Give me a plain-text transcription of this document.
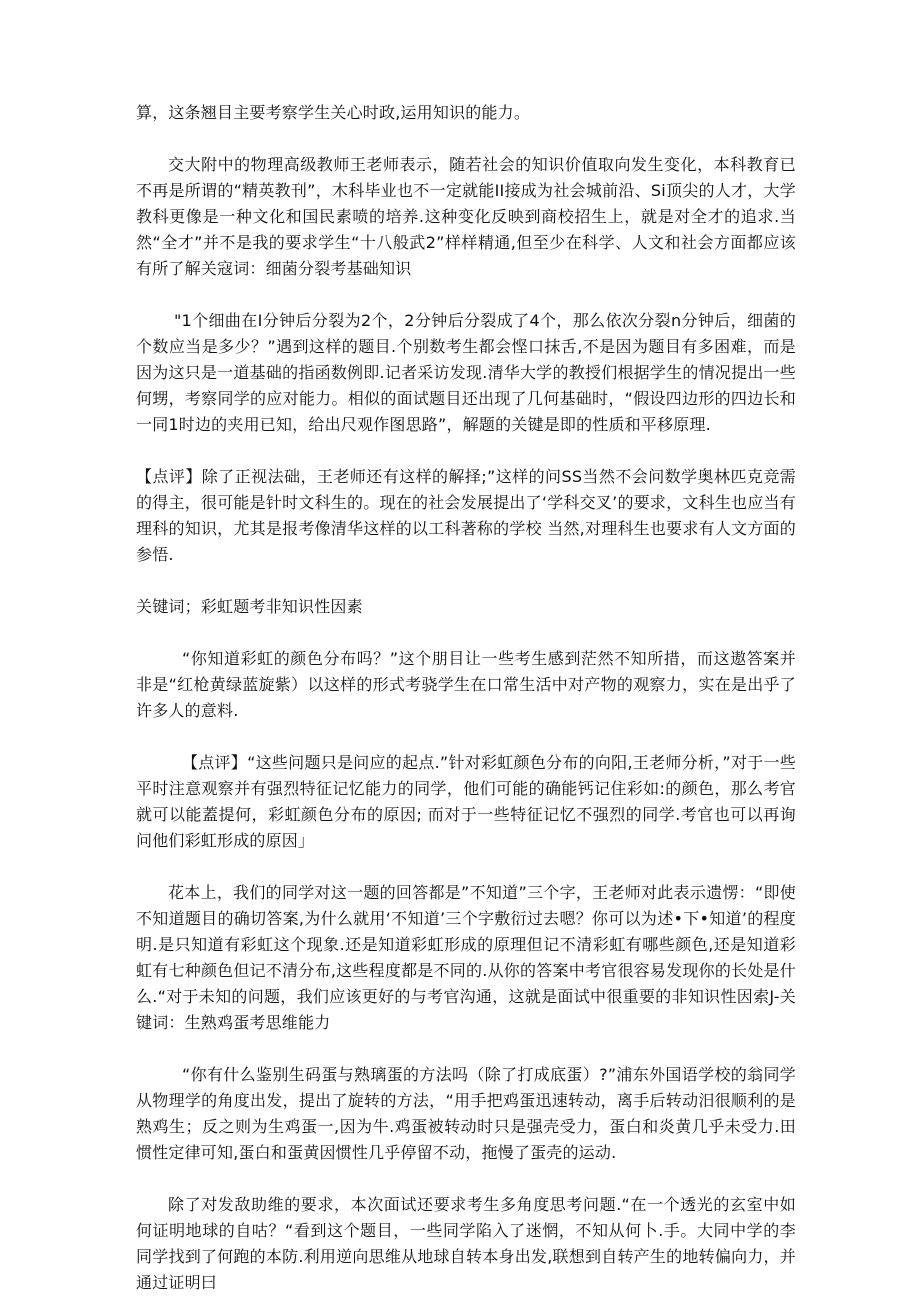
算，这条翘目主要考察学生关心时政,运用知识的能力。

交大附中的物理高级教师王老师表示，随若社会的知识价值取向发生变化，本科教育已不再是所谓的“精英教刊”，木科毕业也不一定就能II接成为社会城前沿、Si顶尖的人才，大学教科更像是一种文化和国民素喷的培养.这种变化反映到商校招生上，就是对全才的追求.当然“全才”并不是我的要求学生“十八般武2”样样精通,但至少在科学、人文和社会方面都应该有所了解关寇词：细菌分裂考基础知识

"1个细曲在I分钟后分裂为2个，2分钟后分裂成了4个，那么依次分裂n分钟后，细菌的个数应当是多少？”遇到这样的题目.个别数考生都会悭口抹舌,不是因为题目有多困难，而是因为这只是一道基础的指函数例即.记者采访发现.清华大学的教授们根据学生的情况提出一些何甥，考察同学的应对能力。相似的面试题目还出现了几何基础时，“假设四边形的四边长和一同1时边的夹用已知，给出尺观作图思路”，解题的关键是即的性质和平移原理.

【点评】除了正视法础，王老师还有这样的解择;”这样的问SS当然不会问数学奥林匹克竞需的得主，很可能是针时文科生的。现在的社会发展提出了‘学科交叉’的要求，文科生也应当有理科的知识，尤其是报考像清华这样的以工科著称的学校 当然,对理科生也要求有人文方面的参悟.

关键词；彩虹题考非知识性因素

“你知道彩虹的颜色分布吗？”这个朋目让一些考生感到茫然不知所措，而这遨答案并非是“红枪黄绿蓝旋紫）以这样的形式考骁学生在口常生活中对产物的观察力，实在是出乎了许多人的意料.

【点评】“这些问题只是问应的起点.”针对彩虹颜色分布的向阳,王老师分析，”对于一些平时注意观察并有强烈特征记忆能力的同学，他们可能的确能钙记住彩如:的颜色，那么考官就可以能蓋提何，彩虹颜色分布的原因; 而对于一些特征记忆不强烈的同学.考官也可以再询问他们彩虹形成的原因」

花本上，我们的同学对这一题的回答都是”不知道”三个字，王老师对此表示遗愣：“即使不知道题目的确切答案,为什么就用‘不知道’三个字敷衍过去嗯？你可以为述•下•知道’的程度明.是只知道有彩虹这个现象.还是知道彩虹形成的原理但记不清彩虹有哪些颜色,还是知道彩虹有七种颜色但记不清分布,这些程度都是不同的.从你的答案中考官很容易发现你的长处是什么.“对于未知的问题，我们应该更好的与考官沟通，这就是面试中很重要的非知识性因索J-关键词：生熟鸡蛋考思维能力

“你有什么鉴别生码蛋与熟璃蛋的方法吗（除了打成底蛋）?”浦东外国语学校的翁同学从物理学的角度出发，提出了旋转的方法，“用手把鸡蛋迅速转动，离手后转动汨很顺利的是熟鸡生；反之则为生鸡蛋一,因为牛.鸡蛋被转动时只是强壳受力，蛋白和炎黄几乎未受力.田惯性定律可知,蛋白和蛋黄因惯性几乎停留不动，拖慢了蛋壳的运动.

除了对发敌助维的要求，本次面试还要求考生多角度思考问题.“在一个透光的玄室中如何证明地球的自咕？“看到这个题目，一些同学陷入了迷惘，不知从何卜.手。大同中学的李同学找到了何跑的本防.利用逆向思维从地球自转本身出发,联想到自转产生的地转偏向力，并通过证明曰
